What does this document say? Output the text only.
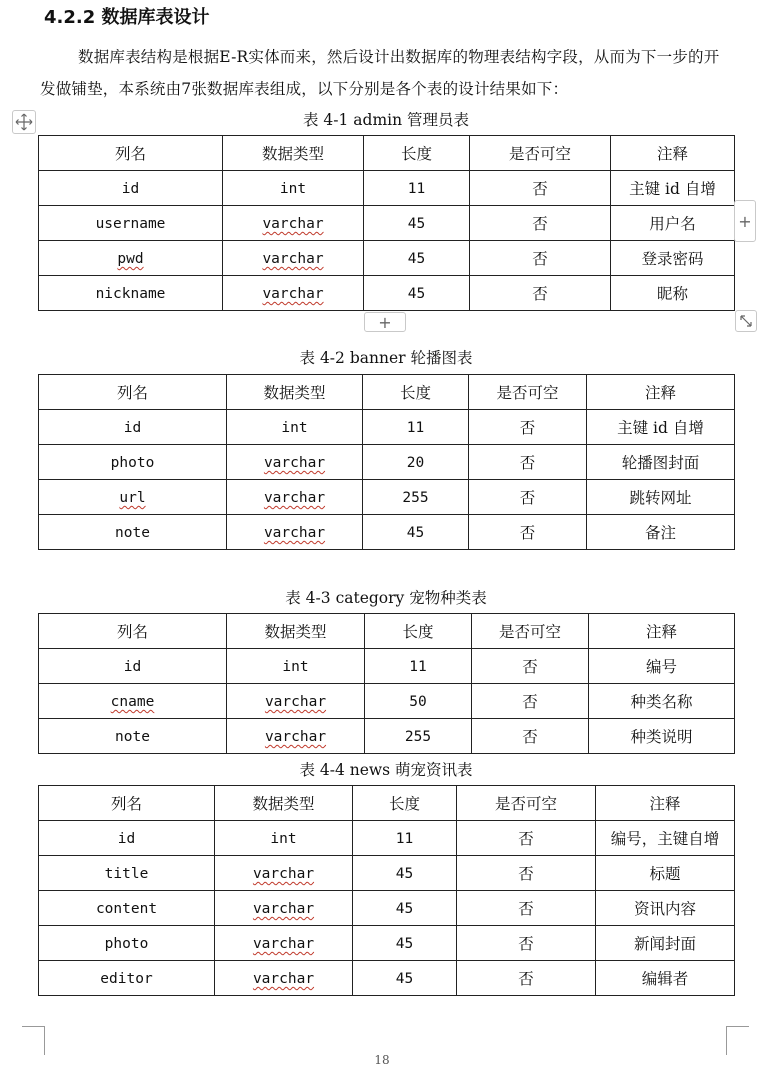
4.2.2 数据库表设计

数据库表结构是根据E-R实体而来，然后设计出数据库的物理表结构字段，从而为下一步的开发做铺垫，本系统由7张数据库表组成，以下分别是各个表的设计结果如下：

表 4-1 admin 管理员表
列名	数据类型	长度	是否可空	注释
id	int	11	否	主键 id 自增
username	varchar	45	否	用户名
pwd	varchar	45	否	登录密码
nickname	varchar	45	否	昵称
表 4-2 banner 轮播图表
列名	数据类型	长度	是否可空	注释
id	int	11	否	主键 id 自增
photo	varchar	20	否	轮播图封面
url	varchar	255	否	跳转网址
note	varchar	45	否	备注
表 4-3 category 宠物种类表
列名	数据类型	长度	是否可空	注释
id	int	11	否	编号
cname	varchar	50	否	种类名称
note	varchar	255	否	种类说明
表 4-4 news 萌宠资讯表
列名	数据类型	长度	是否可空	注释
id	int	11	否	编号，主键自增
title	varchar	45	否	标题
content	varchar	45	否	资讯内容
photo	varchar	45	否	新闻封面
editor	varchar	45	否	编辑者
+
+
18
